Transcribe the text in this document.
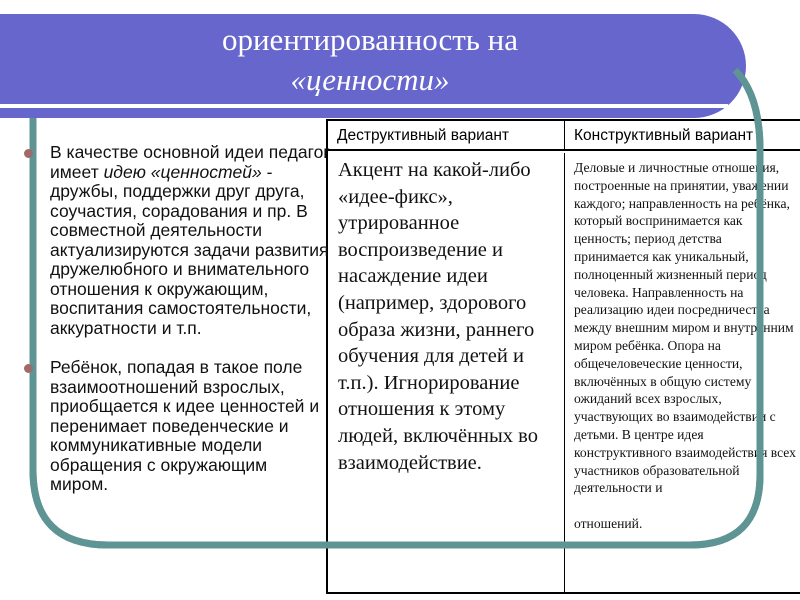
ориентированность на
«ценности»
В качестве основной идеи педагог имеет идею «ценностей» - дружбы, поддержки друг друга, соучастия, сорадования и пр. В совместной деятельности актуализируются задачи развития дружелюбного и внимательного отношения к окружающим, воспитания самостоятельности, аккуратности и т.п.
Ребёнок, попадая в такое поле взаимоотношений взрослых, приобщается к идее ценностей и перенимает поведенческие и коммуникативные модели обращения с окружающим миром.
Деструктивный вариант	Конструктивный вариант
Акцент на какой-либо «идее-фикс», утрированное воспроизведение и насаждение идеи (например, здорового образа жизни, раннего обучения для детей и т.п.). Игнорирование отношения к этому людей, включённых во взаимодействие.
Деловые и личностные отношения, построенные на принятии, уважении каждого; направленность на ребёнка, который воспринимается как ценность; период детства принимается как уникальный, полноценный жизненный период человека. Направленность на реализацию идеи посредничества между внешним миром и внутренним миром ребёнка. Опора на общечеловеческие ценности, включённых в общую систему ожиданий всех взрослых, участвующих во взаимодействии с детьми. В центре идея конструктивного взаимодействия всех участников образовательной деятельности и
отношений.
